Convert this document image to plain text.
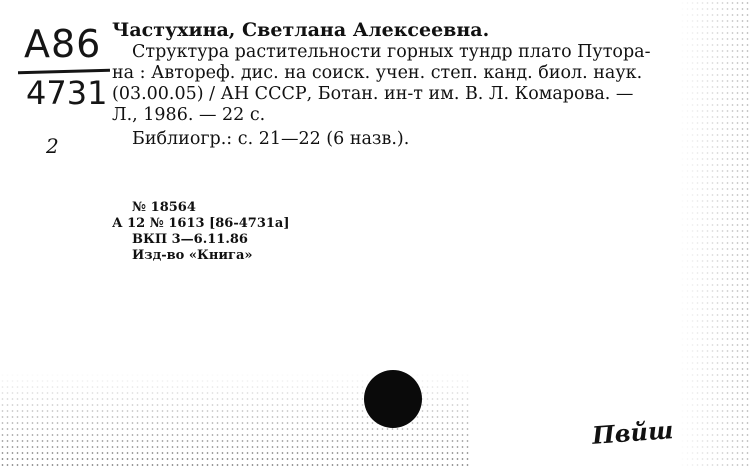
А86
4731
2
Частухина, Светлана Алексеевна.

Структура растительности горных тундр плато Путора-

на : Автореф. дис. на соиск. учен. степ. канд. биол. наук.

(03.00.05) / АН СССР, Ботан. ин-т им. В. Л. Комарова. —

Л., 1986. — 22 с.

Библиогр.: с. 21—22 (6 назв.).
№ 18564
А 12 № 1613 [86-4731а]
ВКП 3—6.11.86
Изд-во «Книга»
Пвйш
